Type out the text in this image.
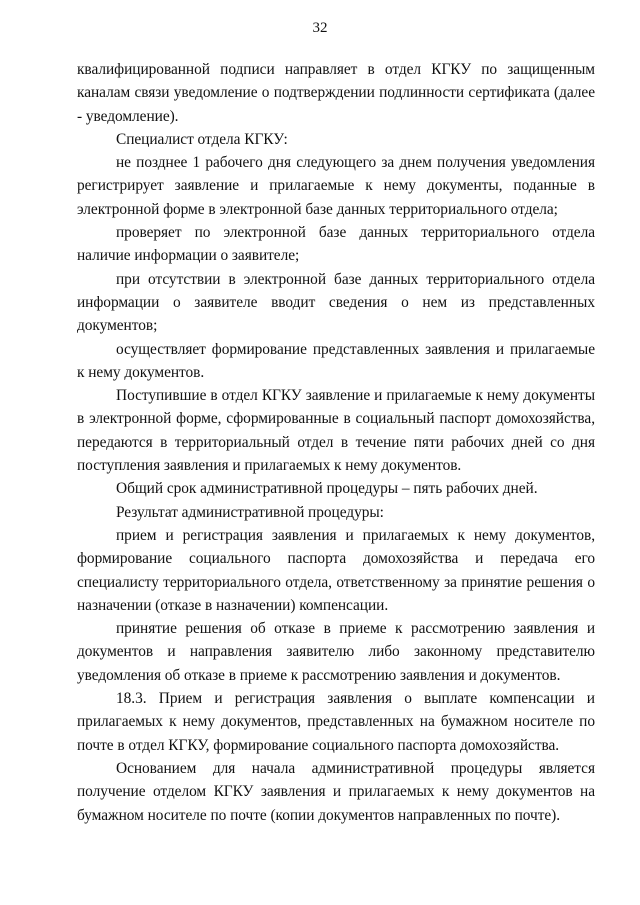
32

квалифицированной подписи направляет в отдел КГКУ по защищенным каналам связи уведомление о подтверждении подлинности сертификата (далее - уведомление).

Специалист отдела КГКУ:

не позднее 1 рабочего дня следующего за днем получения уведомления регистрирует заявление и прилагаемые к нему документы, поданные в электронной форме в электронной базе данных территориального отдела;

проверяет по электронной базе данных территориального отдела наличие информации о заявителе;

при отсутствии в электронной базе данных территориального отдела информации о заявителе вводит сведения о нем из представленных документов;

осуществляет формирование представленных заявления и прилагаемые к нему документов.

Поступившие в отдел КГКУ заявление и прилагаемые к нему документы в электронной форме, сформированные в социальный паспорт домохозяйства, передаются в территориальный отдел в течение пяти рабочих дней со дня поступления заявления и прилагаемых к нему документов.

Общий срок административной процедуры – пять рабочих дней.

Результат административной процедуры:

прием и регистрация заявления и прилагаемых к нему документов, формирование социального паспорта домохозяйства и передача его специалисту территориального отдела, ответственному за принятие решения о назначении (отказе в назначении) компенсации.

принятие решения об отказе в приеме к рассмотрению заявления и документов и направления заявителю либо законному представителю уведомления об отказе в приеме к рассмотрению заявления и документов.

18.3. Прием и регистрация заявления о выплате компенсации и прилагаемых к нему документов, представленных на бумажном носителе по почте в отдел КГКУ, формирование социального паспорта домохозяйства.

Основанием для начала административной процедуры является получение отделом КГКУ заявления и прилагаемых к нему документов на бумажном носителе по почте (копии документов направленных по почте).
